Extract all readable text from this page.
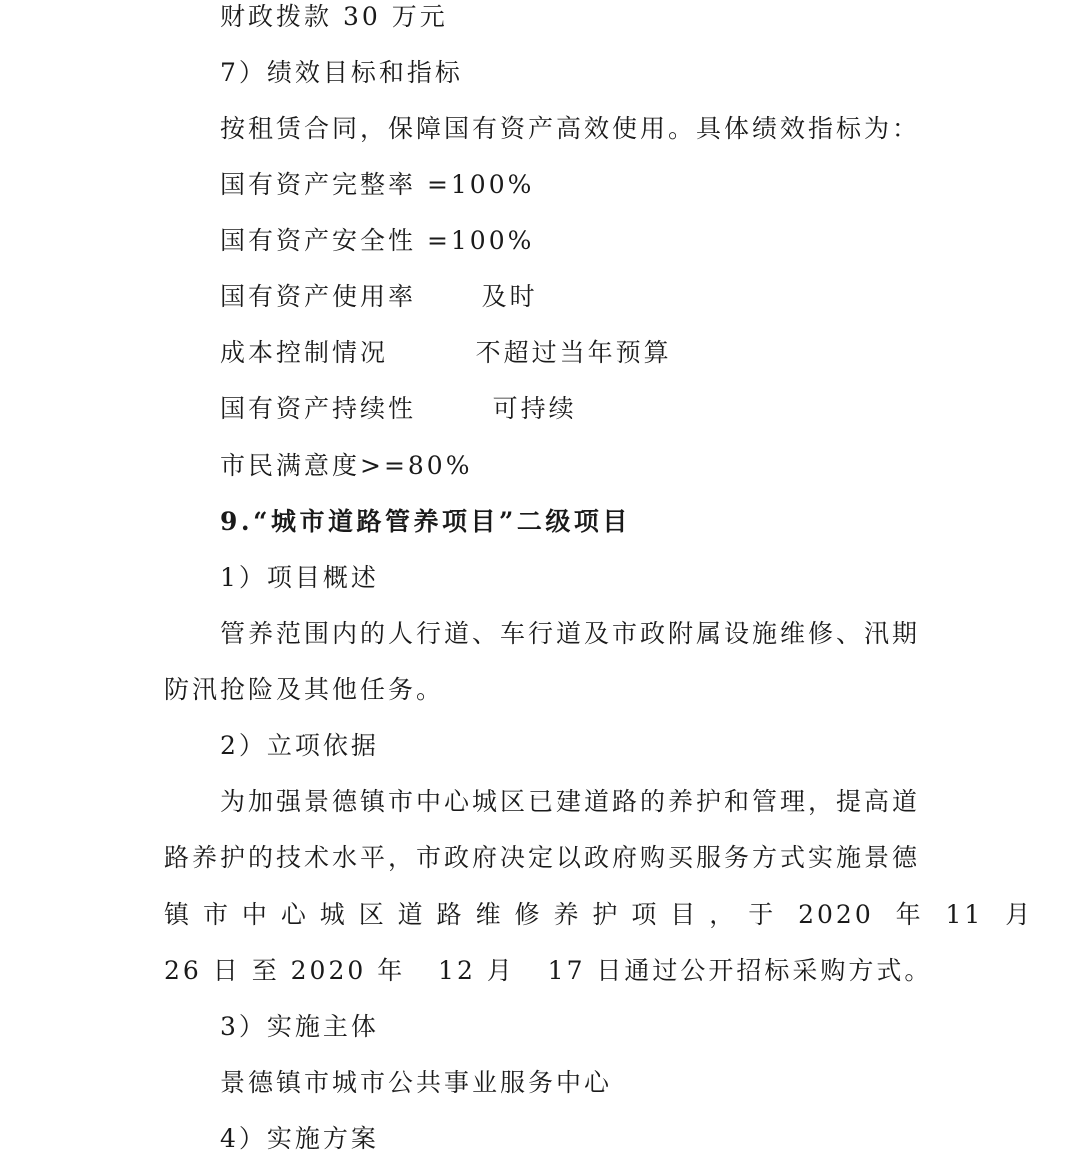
财政拨款 30 万元
7）绩效目标和指标
按租赁合同，保障国有资产高效使用。具体绩效指标为：
国有资产完整率 =100%
国有资产安全性 =100%
国有资产使用率      及时
成本控制情况        不超过当年预算
国有资产持续性       可持续
市民满意度>=80%
9.“城市道路管养项目”二级项目
1）项目概述
管养范围内的人行道、车行道及市政附属设施维修、汛期
防汛抢险及其他任务。
2）立项依据
为加强景德镇市中心城区已建道路的养护和管理，提高道
路养护的技术水平，市政府决定以政府购买服务方式实施景德
镇 市 中 心 城 区 道 路 维 修 养 护 项 目 ， 于  2020  年  11  月
26 日 至 2020 年   12 月   17 日通过公开招标采购方式。
3）实施主体
景德镇市城市公共事业服务中心
4）实施方案
